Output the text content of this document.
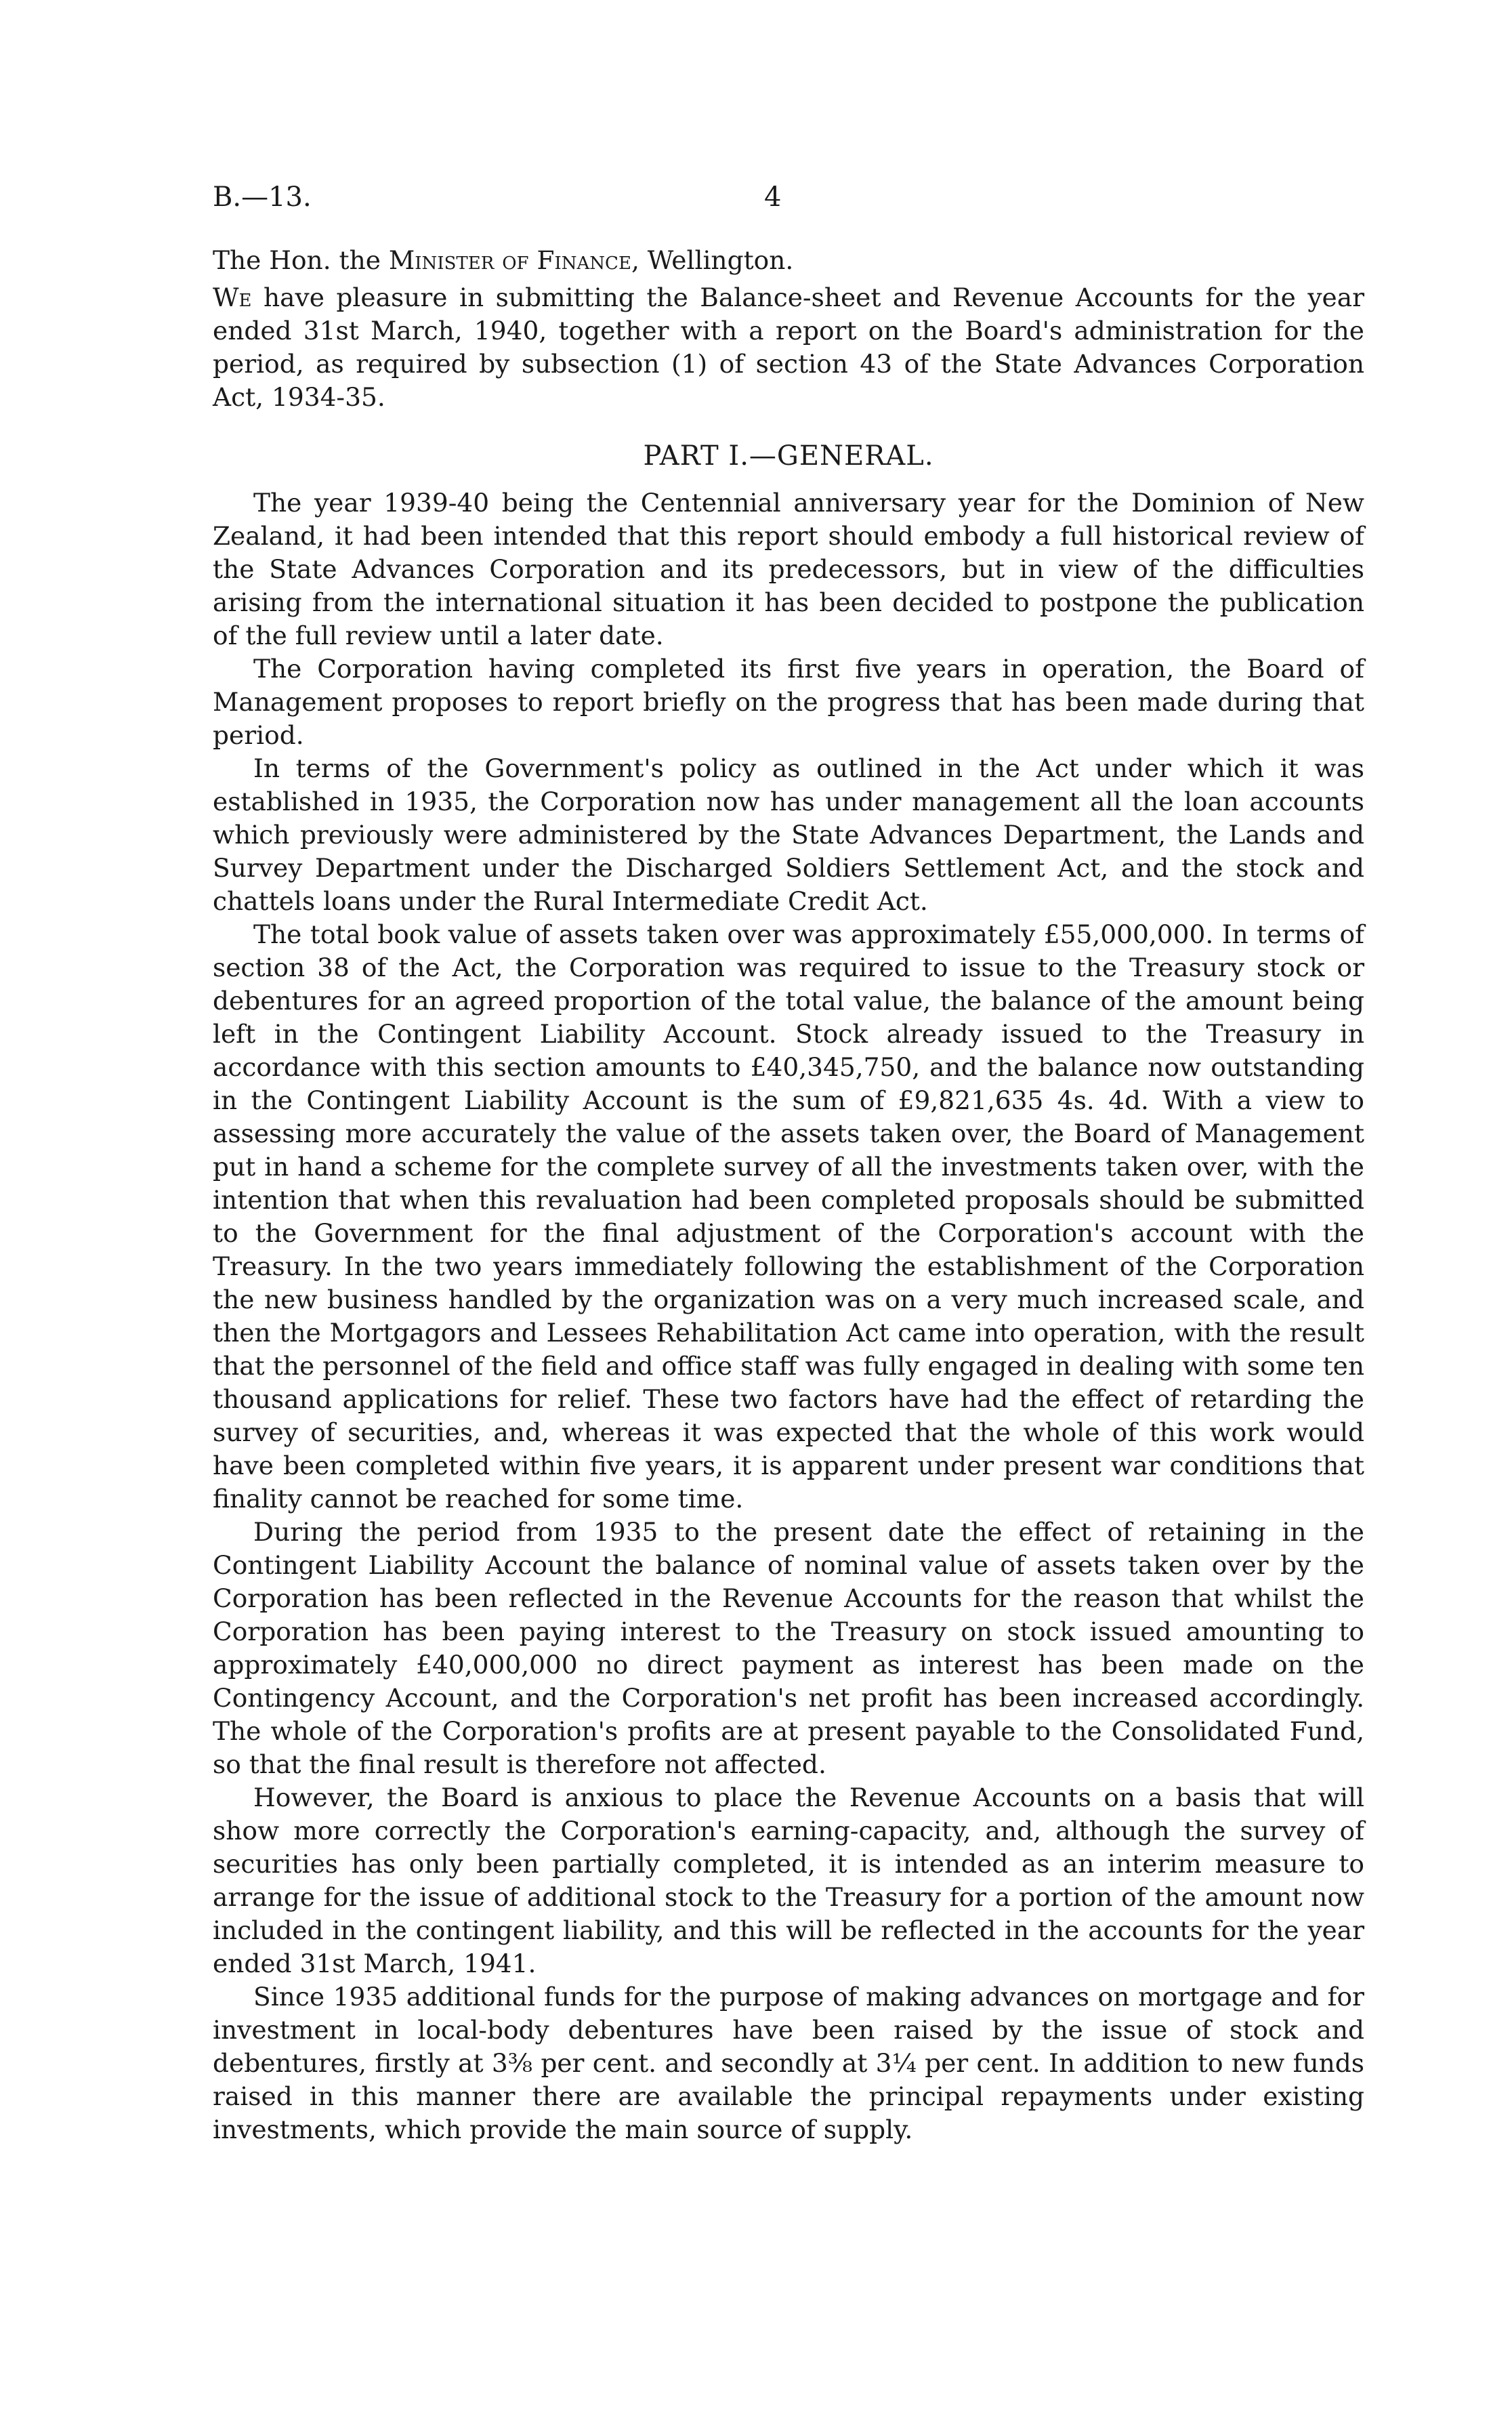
B.—13.	4

The Hon. the Minister of Finance, Wellington.

We have pleasure in submitting the Balance-sheet and Revenue Accounts for the year ended 31st March, 1940, together with a report on the Board's administration for the period, as required by subsection (1) of section 43 of the State Advances Corporation Act, 1934-35.

PART I.—GENERAL.

The year 1939-40 being the Centennial anniversary year for the Dominion of New Zealand, it had been intended that this report should embody a full historical review of the State Advances Corporation and its predecessors, but in view of the difficulties arising from the international situation it has been decided to postpone the publication of the full review until a later date.

The Corporation having completed its first five years in operation, the Board of Management proposes to report briefly on the progress that has been made during that period.

In terms of the Government's policy as outlined in the Act under which it was established in 1935, the Corporation now has under management all the loan accounts which previously were administered by the State Advances Department, the Lands and Survey Department under the Discharged Soldiers Settlement Act, and the stock and chattels loans under the Rural Intermediate Credit Act.

The total book value of assets taken over was approximately £55,000,000. In terms of section 38 of the Act, the Corporation was required to issue to the Treasury stock or debentures for an agreed proportion of the total value, the balance of the amount being left in the Contingent Liability Account. Stock already issued to the Treasury in accordance with this section amounts to £40,345,750, and the balance now outstanding in the Contingent Liability Account is the sum of £9,821,635 4s. 4d. With a view to assessing more accurately the value of the assets taken over, the Board of Management put in hand a scheme for the complete survey of all the investments taken over, with the intention that when this revaluation had been completed proposals should be submitted to the Government for the final adjustment of the Corporation's account with the Treasury. In the two years immediately following the establishment of the Corporation the new business handled by the organization was on a very much increased scale, and then the Mortgagors and Lessees Rehabilitation Act came into operation, with the result that the personnel of the field and office staff was fully engaged in dealing with some ten thousand applications for relief. These two factors have had the effect of retarding the survey of securities, and, whereas it was expected that the whole of this work would have been completed within five years, it is apparent under present war conditions that finality cannot be reached for some time.

During the period from 1935 to the present date the effect of retaining in the Contingent Liability Account the balance of nominal value of assets taken over by the Corporation has been reflected in the Revenue Accounts for the reason that whilst the Corporation has been paying interest to the Treasury on stock issued amounting to approximately £40,000,000 no direct payment as interest has been made on the Contingency Account, and the Corporation's net profit has been increased accordingly. The whole of the Corporation's profits are at present payable to the Consolidated Fund, so that the final result is therefore not affected.

However, the Board is anxious to place the Revenue Accounts on a basis that will show more correctly the Corporation's earning-capacity, and, although the survey of securities has only been partially completed, it is intended as an interim measure to arrange for the issue of additional stock to the Treasury for a portion of the amount now included in the contingent liability, and this will be reflected in the accounts for the year ended 31st March, 1941.

Since 1935 additional funds for the purpose of making advances on mortgage and for investment in local-body debentures have been raised by the issue of stock and debentures, firstly at 3⅜ per cent. and secondly at 3¼ per cent. In addition to new funds raised in this manner there are available the principal repayments under existing investments, which provide the main source of supply.
